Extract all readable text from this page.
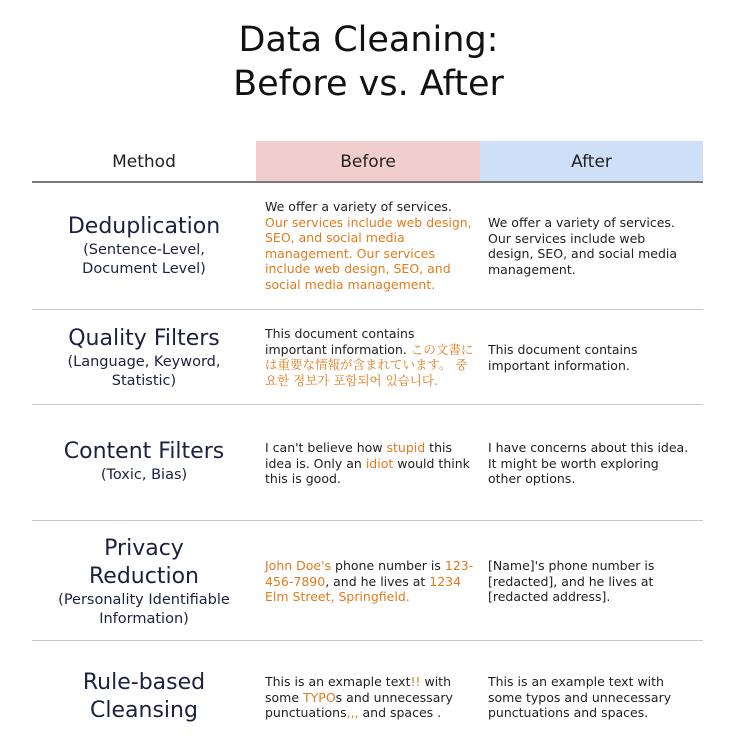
Data Cleaning:
Before vs. After
Method	Before	After
Deduplication
(Sentence-Level,
Document Level)
We offer a variety of services. Our services include web design, SEO, and social media management. Our services include web design, SEO, and social media management.
We offer a variety of services. Our services include web design, SEO, and social media management.
Quality Filters
(Language, Keyword,
Statistic)
This document contains important information. この文書には重要な情報が含まれています。 중요한 정보가 포함되어 있습니다.
This document contains important information.
Content Filters
(Toxic, Bias)
I can't believe how stupid this idea is. Only an idiot would think this is good.
I have concerns about this idea. It might be worth exploring other options.
Privacy Reduction
(Personality Identifiable
Information)
John Doe's phone number is 123-456-7890, and he lives at 1234 Elm Street, Springfield.
[Name]'s phone number is [redacted], and he lives at [redacted address].
Rule-based Cleansing
This is an exmaple text!! with some TYPOs and unnecessary punctuations,,, and spaces .
This is an example text with some typos and unnecessary punctuations and spaces.
